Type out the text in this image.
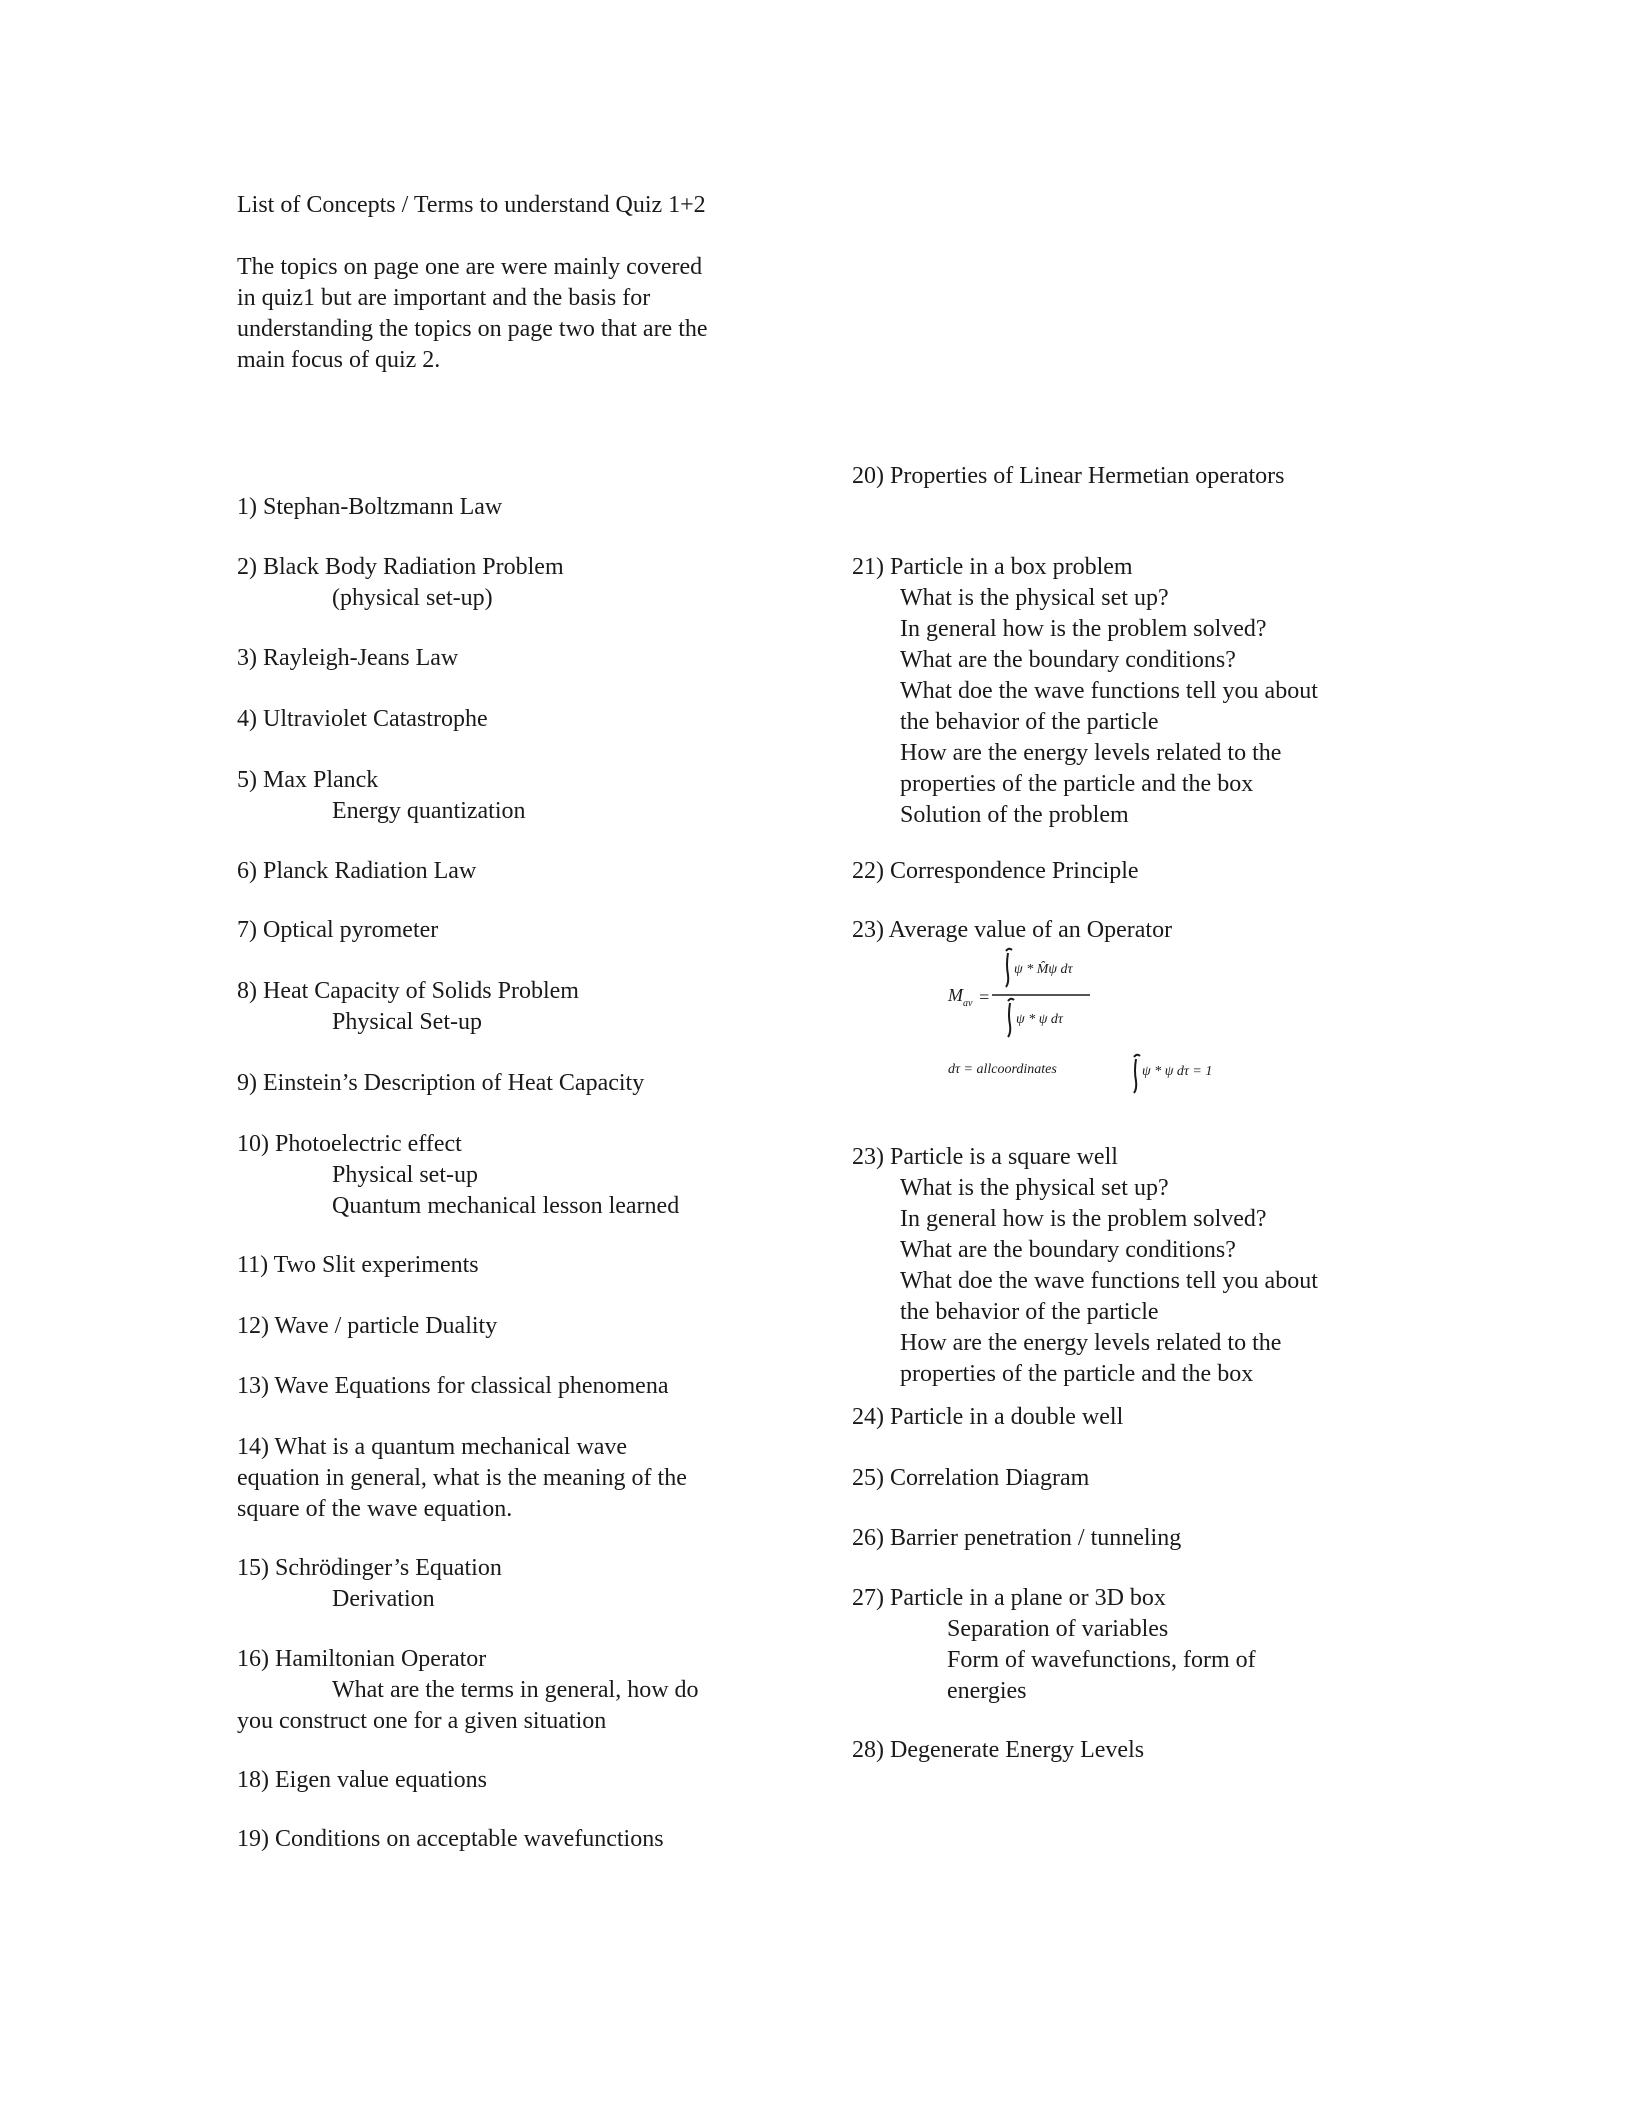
List of Concepts / Terms to understand Quiz 1+2
The topics on page one are were mainly covered
in quiz1 but are important and the basis for
understanding the topics on page two that are the
main focus of quiz 2.
1) Stephan-Boltzmann Law
2) Black Body Radiation Problem
(physical set-up)
3) Rayleigh-Jeans Law
4) Ultraviolet Catastrophe
5) Max Planck
Energy quantization
6) Planck Radiation Law
7) Optical pyrometer
8) Heat Capacity of Solids Problem
Physical Set-up
9) Einstein’s Description of Heat Capacity
10) Photoelectric effect
Physical set-up
Quantum mechanical lesson learned
11) Two Slit experiments
12) Wave / particle Duality
13) Wave Equations for classical phenomena
14) What is a quantum mechanical wave
equation in general, what is the meaning of the
square of the wave equation.
15) Schrödinger’s Equation
Derivation
16) Hamiltonian Operator
What are the terms in general, how do
you construct one for a given situation
18) Eigen value equations
19) Conditions on acceptable wavefunctions
20) Properties of Linear Hermetian operators
21) Particle in a box problem
What is the physical set up?
In general how is the problem solved?
What are the boundary conditions?
What doe the wave functions tell you about
the behavior of the particle
How are the energy levels related to the
properties of the particle and the box
Solution of the problem
22) Correspondence Principle
23) Average value of an Operator
23) Particle is a square well
What is the physical set up?
In general how is the problem solved?
What are the boundary conditions?
What doe the wave functions tell you about
the behavior of the particle
How are the energy levels related to the
properties of the particle and the box
24) Particle in a double well
25) Correlation Diagram
26) Barrier penetration / tunneling
27) Particle in a plane or 3D box
Separation of variables
Form of wavefunctions, form of
energies
28) Degenerate Energy Levels
M av =
ψ * M̂ψ dτ
ψ * ψ dτ
dτ = allcoordinates	ψ * ψ dτ = 1
